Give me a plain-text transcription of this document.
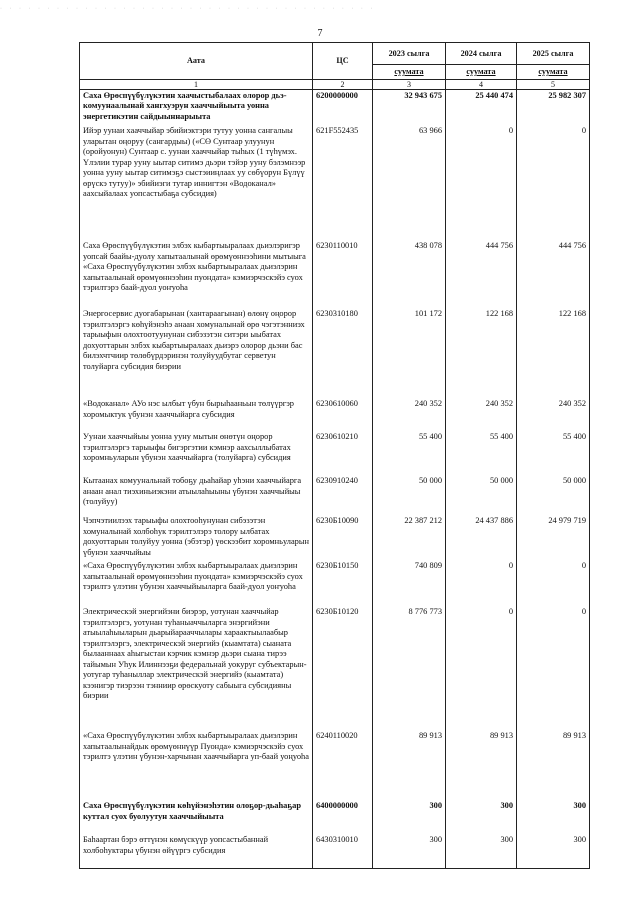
· · · · · · · · · · · · · · · · · · · · · · · · · · · · · · · · · · · · · · · ·
7
Аата	ЦС	2023 сылга	2024 сылга	2025 сылга
		суумата	суумата	суумата
1	2	3	4	5
Саха Өрөспүүбүлүкэтин хаачыстыбалаах олорор дьэ-комуунаалынай хангхуэрун хааччыйыыта уонна энергетикэтин сайдыыннарыыта	6200000000	32 943 675	25 440 474	25 982 307
Ийэр уунаи хааччыйар эбийиэктэри тутуу уонна сангалыы уларытан оңоруу (сангардыы) («СӨ Сунтаар улуунун (оройуонун) Сунтаар с. уунаи хааччыйар тыһых (1 түһүмэх. Үлэлии турар ууну ыытар ситимэ дьэри тэйэр ууну бэлэмнээр уонна ууну ыытар ситимэҕэ сыстэииңлаах уу сөбүорун Бүлүү өрүскэ тутуу)» эбийиэги тутар иннигтэн «Водоканал» аахсыйалаах уопсастыбаҕа субсидия)	621F552435	63 966	0	0
Саха Өрөспүүбүлүкэтин элбэх кыбартыыралаах дьиэлэригэр уопсай баайы-дуолу хапытаалынай өрөмүөннээһини мытыыга «Саха Өрөспүүбүлүкэтин элбэх кыбартыыралаах дьиэлэрин хапытаалынай өрөмүөннээһин пуондата» кэмиэрчэскэйэ суох тэрилтэрэ баай-дуол уоҥуоһа	6230110010	438 078	444 756	444 756
Энергосервис дуогабарынан (хантараагынан) өлөнү оңорор тэрилтэлэргэ көһүйэнэһэ анаан хомуналынай өрө чэгэтэнниэх тарыыфын олохтоотуунунан сибэзэтэн ситэри ыыбатах дохуоттарын элбэх кыбартыыралаах дьиэрэ олорор дьэни бас билэхчтчиир төлөбүрдэринэн толуйуудбутаг серветун толуйарга субсидия биэрии	6230310180	101 172	122 168	122 168
«Водоканал» АУо нэс ылбыт үбун бырыһааньын төлүүргэр хоромыктук үбунэн хааччыйарга субсидия	6230610060	240 352	240 352	240 352
Уунаи хааччыйыы уонна ууну мытын өнөтүн оңорор тэрилтэлэргэ тарыыфы бигэргэтии кэмнэр аахсыллыбатах хоромньуларын үбунэн хааччыйарга (толуйарга) субсидия	6230610210	55 400	55 400	55 400
Кытаанах комуунальнай тобоҕу дьаһайар уһэни хааччыйарга анаан анал тиэхиньиэкэни атыылаһыыны үбунэн хааччыйыы (толуйуу)	6230910240	50 000	50 000	50 000
Чэпчэтиилээх тарыыфы олохтооһунунан сибэзэтэн хомуналынай холбоһук тэрилтэлэрэ толору ылбатах дохуоттарын толуйуу уонна (эбэтэр) үөскээбит хоромньуларын үбунэн хааччыйыы	6230Б10090	22 387 212	24 437 886	24 979 719
«Саха Өрөспүүбүлүкэтин элбэх кыбартыыралаах дьиэлэрин хапытаалынай өрөмүөннээһин пуондата» кэмиэрчэскэйэ суох тэрилтэ үлэтин үбунэн хааччыйыыларга баай-дуол уоҥуоһа	6230Б10150	740 809	0	0
Электрическэй энергийэни биэрэр, уотунан хааччыйар тэрилтэлэргэ, уотунан туһаныаччыларга энэргийэни атыылаһыыларын дьарыйарааччылары хараактыылаабыр тэрилтэлэргэ, электрическэй энергийэ (кыамтата) сыаната былааннаах аһыгыстаи кэрчик кэмнэр дьэри сыана тирээ тайымын Уһук Илиннээҕи федеральнай уокуруг субъектарын-уотугар туһаныллар электрическэй энергийэ (кыамтата) кээнигэр тиэрээн тэнниир өрөскуоту сабыыга субсидияны биэрии	6230Б10120	8 776 773	0	0
«Саха Өрөспүүбүлүкэтин элбэх кыбартыыралаах дьиэлэрин хапытаалынайдык өрөмүөннүүр Пуонда» кэмиэрчэскэйэ суох тэрилтэ үлэтин үбунэн-харчынан хааччыйарга уп-баай уоңуоһа	6240110020	89 913	89 913	89 913
Саха Өрөспүүбүлүкэтин көһүйэнэһэтин олоҕор-дьаһаҕар куттал суох буолуутун хааччыйыыта	6400000000	300	300	300
Баһаартан бэрэ өттүнэн көмүскүүр уопсастыбаннай холбоһуктары үбунэн өйүүргэ субсидия	6430310010	300	300	300
